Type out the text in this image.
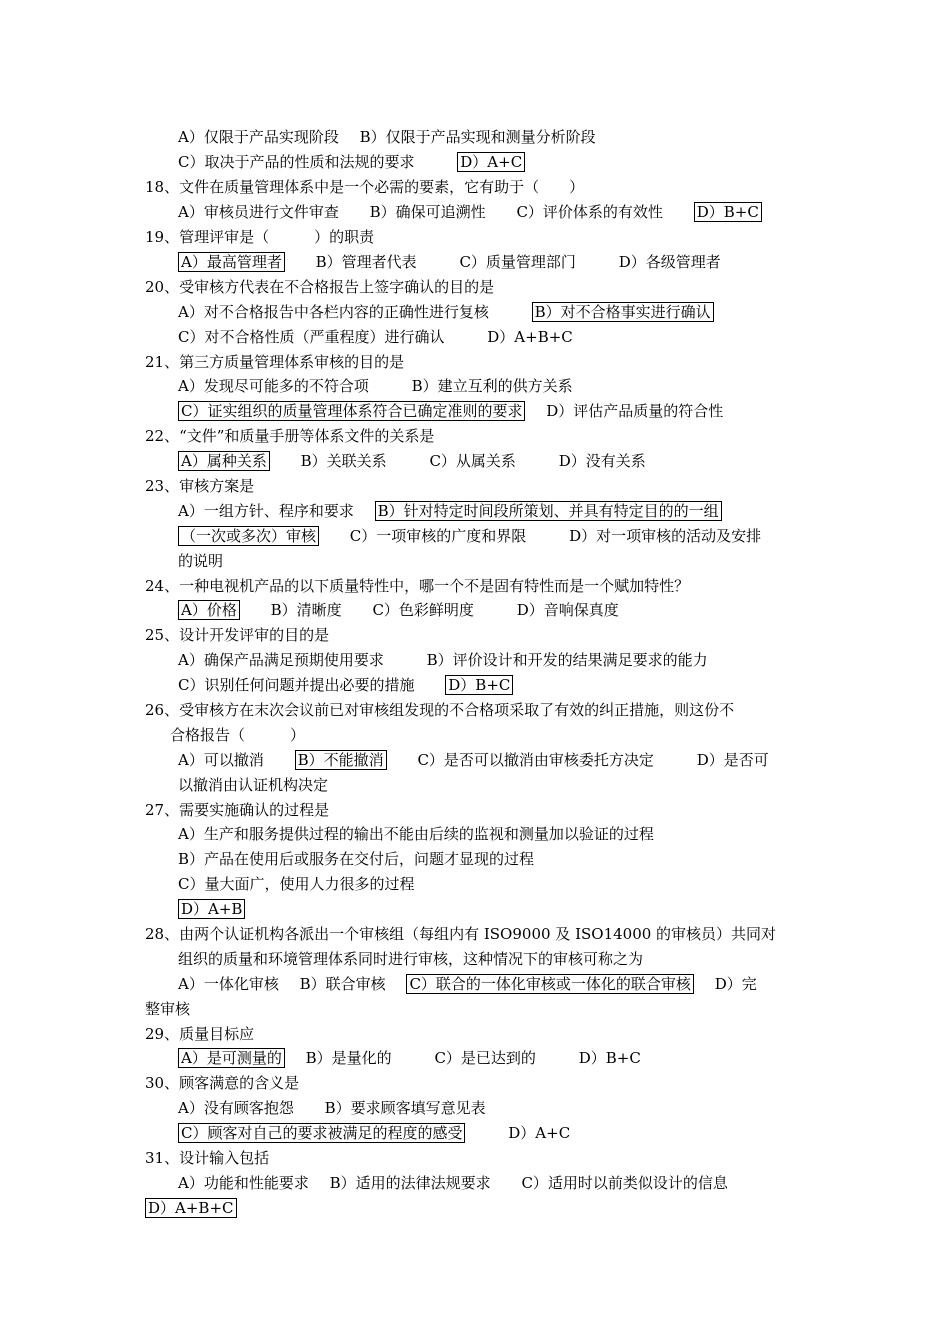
A）仅限于产品实现阶段 B）仅限于产品实现和测量分析阶段
C）取决于产品的性质和法规的要求	D）A+C
18、文件在质量管理体系中是一个必需的要素，它有助于（　　）
A）审核员进行文件审查 B）确保可追溯性 C）评价体系的有效性 D）B+C
19、管理评审是（　　　）的职责
A）最高管理者 B）管理者代表	C）质量管理部门	D）各级管理者
20、受审核方代表在不合格报告上签字确认的目的是
A）对不合格报告中各栏内容的正确性进行复核	B）对不合格事实进行确认
C）对不合格性质（严重程度）进行确认	D）A+B+C
21、第三方质量管理体系审核的目的是
A）发现尽可能多的不符合项	B）建立互利的供方关系
C）证实组织的质量管理体系符合已确定准则的要求 D）评估产品质量的符合性
22、“文件”和质量手册等体系文件的关系是
A）属种关系 B）关联关系	C）从属关系	D）没有关系
23、审核方案是
A）一组方针、程序和要求 B）针对特定时间段所策划、并具有特定目的的一组
（一次或多次）审核 C）一项审核的广度和界限	D）对一项审核的活动及安排
的说明
24、一种电视机产品的以下质量特性中，哪一个不是固有特性而是一个赋加特性？
A）价格 B）清晰度 C）色彩鲜明度	D）音响保真度
25、设计开发评审的目的是
A）确保产品满足预期使用要求	B）评价设计和开发的结果满足要求的能力
C）识别任何问题并提出必要的措施 D）B+C
26、受审核方在末次会议前已对审核组发现的不合格项采取了有效的纠正措施，则这份不
合格报告（　　　）
A）可以撤消 B）不能撤消 C）是否可以撤消由审核委托方决定	D）是否可
以撤消由认证机构决定
27、需要实施确认的过程是
A）生产和服务提供过程的输出不能由后续的监视和测量加以验证的过程
B）产品在使用后或服务在交付后，问题才显现的过程
C）量大面广，使用人力很多的过程
D）A+B
28、由两个认证机构各派出一个审核组（每组内有 ISO9000 及 ISO14000 的审核员）共同对
组织的质量和环境管理体系同时进行审核，这种情况下的审核可称之为
A）一体化审核 B）联合审核 C）联合的一体化审核或一体化的联合审核 D）完
整审核
29、质量目标应
A）是可测量的 B）是量化的	C）是已达到的	D）B+C
30、顾客满意的含义是
A）没有顾客抱怨 B）要求顾客填写意见表
C）顾客对自己的要求被满足的程度的感受	D）A+C
31、设计输入包括
A）功能和性能要求 B）适用的法律法规要求 C）适用时以前类似设计的信息
D）A+B+C
